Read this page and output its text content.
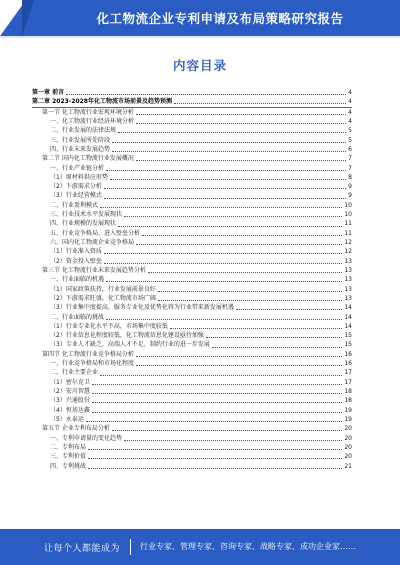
化工物流企业专利申请及布局策略研究报告
内容目录
第一章 前言	4
第二章 2023-2028年化工物流市场前景及趋势预测	4
第一节 化工物流行业宏观环境分析	4
一、化工物流行业经济环境分析	4
二、行业发展的法律法规	5
三、行业发展所处阶段	5
四、行业未来发展趋势	6
第二节 国内化工物流行业发展概况	7
一、行业产业链分析	7
（1）原材料供应形势	8
（2）下游需求分析	9
（3）行业经营模式	9
二、行业盈利模式	10
三、行业技术水平发展现状	10
四、行业规模的发展现状	11
五、行业竞争格局、进入壁垒分析	11
六、国内化工物流企业竞争格局	12
（1）行业准入资质	12
（2）资金投入壁垒	13
第三节 化工物流行业未来发展趋势分析	13
一、行业面临的机遇	13
（1）国家政策扶持，行业发展前景良好	13
（2）下游需求旺盛，化工物流市场广阔	13
（3）行业集中度提高，服务专业化及优势化将为行业带来新发展机遇	14
二、行业面临的挑战	14
（1）行业专业化水平不高，市场集中度较低	14
（2）行业信息化程度较低，化工物流信息化建设亟待加强	15
（3）专业人才缺乏，高端人才不足，制约行业的进一步发展	15
第四节 化工物流行业竞争格局分析	16
一、行业竞争格局和市场化程度	16
二、行业主要企业	17
（1）密尔克卫	17
（2）宏川智慧	18
（3）兴通股份	18
（4）恒基达鑫	19
（5）永泰运	19
第五节 企业专利布局分析	20
一、专利申请量的变化趋势	20
二、专利布局	20
三、专利价值	20
四、专利挑战	21
让每个人都能成为 行业专家、管理专家、咨询专家、战略专家、成功企业家……
